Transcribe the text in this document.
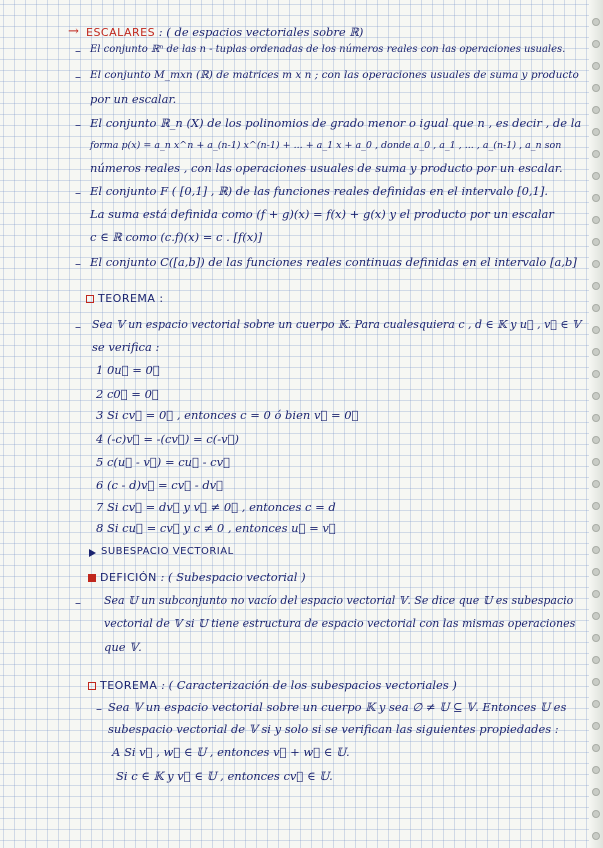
→ ESCALARES : ( de espacios vectoriales sobre ℝ)
– El conjunto ℝⁿ de las n - tuplas ordenadas de los números reales con las operaciones usuales.
– El conjunto M_mxn (ℝ) de matrices m x n ; con las operaciones usuales de suma y producto
por un escalar.
– El conjunto ℝ_n (X) de los polinomios de grado menor o igual que n , es decir , de la
forma p(x) = a_n x^n + a_(n-1) x^(n-1) + ... + a_1 x + a_0 , donde a_0 , a_1 , ... , a_(n-1) , a_n son
números reales , con las operaciones usuales de suma y producto por un escalar.
– El conjunto F ( [0,1] , ℝ) de las funciones reales definidas en el intervalo [0,1].
La suma está definida como (f + g)(x) = f(x) + g(x) y el producto por un escalar
c ∈ ℝ como (c.f)(x) = c . [f(x)]
– El conjunto C([a,b]) de las funciones reales continuas definidas en el intervalo [a,b]
TEOREMA :
– Sea 𝕍 un espacio vectorial sobre un cuerpo 𝕂. Para cualesquiera c , d ∈ 𝕂 y u⃗ , v⃗ ∈ 𝕍
se verifica :
1 0u⃗ = 0⃗
2 c0⃗ = 0⃗
3 Si cv⃗ = 0⃗ , entonces c = 0 ó bien v⃗ = 0⃗
4 (-c)v⃗ = -(cv⃗) = c(-v⃗)
5 c(u⃗ - v⃗) = cu⃗ - cv⃗
6 (c - d)v⃗ = cv⃗ - dv⃗
7 Si cv⃗ = dv⃗ y v⃗ ≠ 0⃗ , entonces c = d
8 Si cu⃗ = cv⃗ y c ≠ 0 , entonces u⃗ = v⃗
SUBESPACIO VECTORIAL
DEFICIÓN : ( Subespacio vectorial )
– Sea 𝕌 un subconjunto no vacío del espacio vectorial 𝕍. Se dice que 𝕌 es subespacio
vectorial de 𝕍 si 𝕌 tiene estructura de espacio vectorial con las mismas operaciones
que 𝕍.
TEOREMA : ( Caracterización de los subespacios vectoriales )
– Sea 𝕍 un espacio vectorial sobre un cuerpo 𝕂 y sea ∅ ≠ 𝕌 ⊆ 𝕍. Entonces 𝕌 es
subespacio vectorial de 𝕍 si y solo si se verifican las siguientes propiedades :
A Si v⃗ , w⃗ ∈ 𝕌 , entonces v⃗ + w⃗ ∈ 𝕌.
Si c ∈ 𝕂 y v⃗ ∈ 𝕌 , entonces cv⃗ ∈ 𝕌.
